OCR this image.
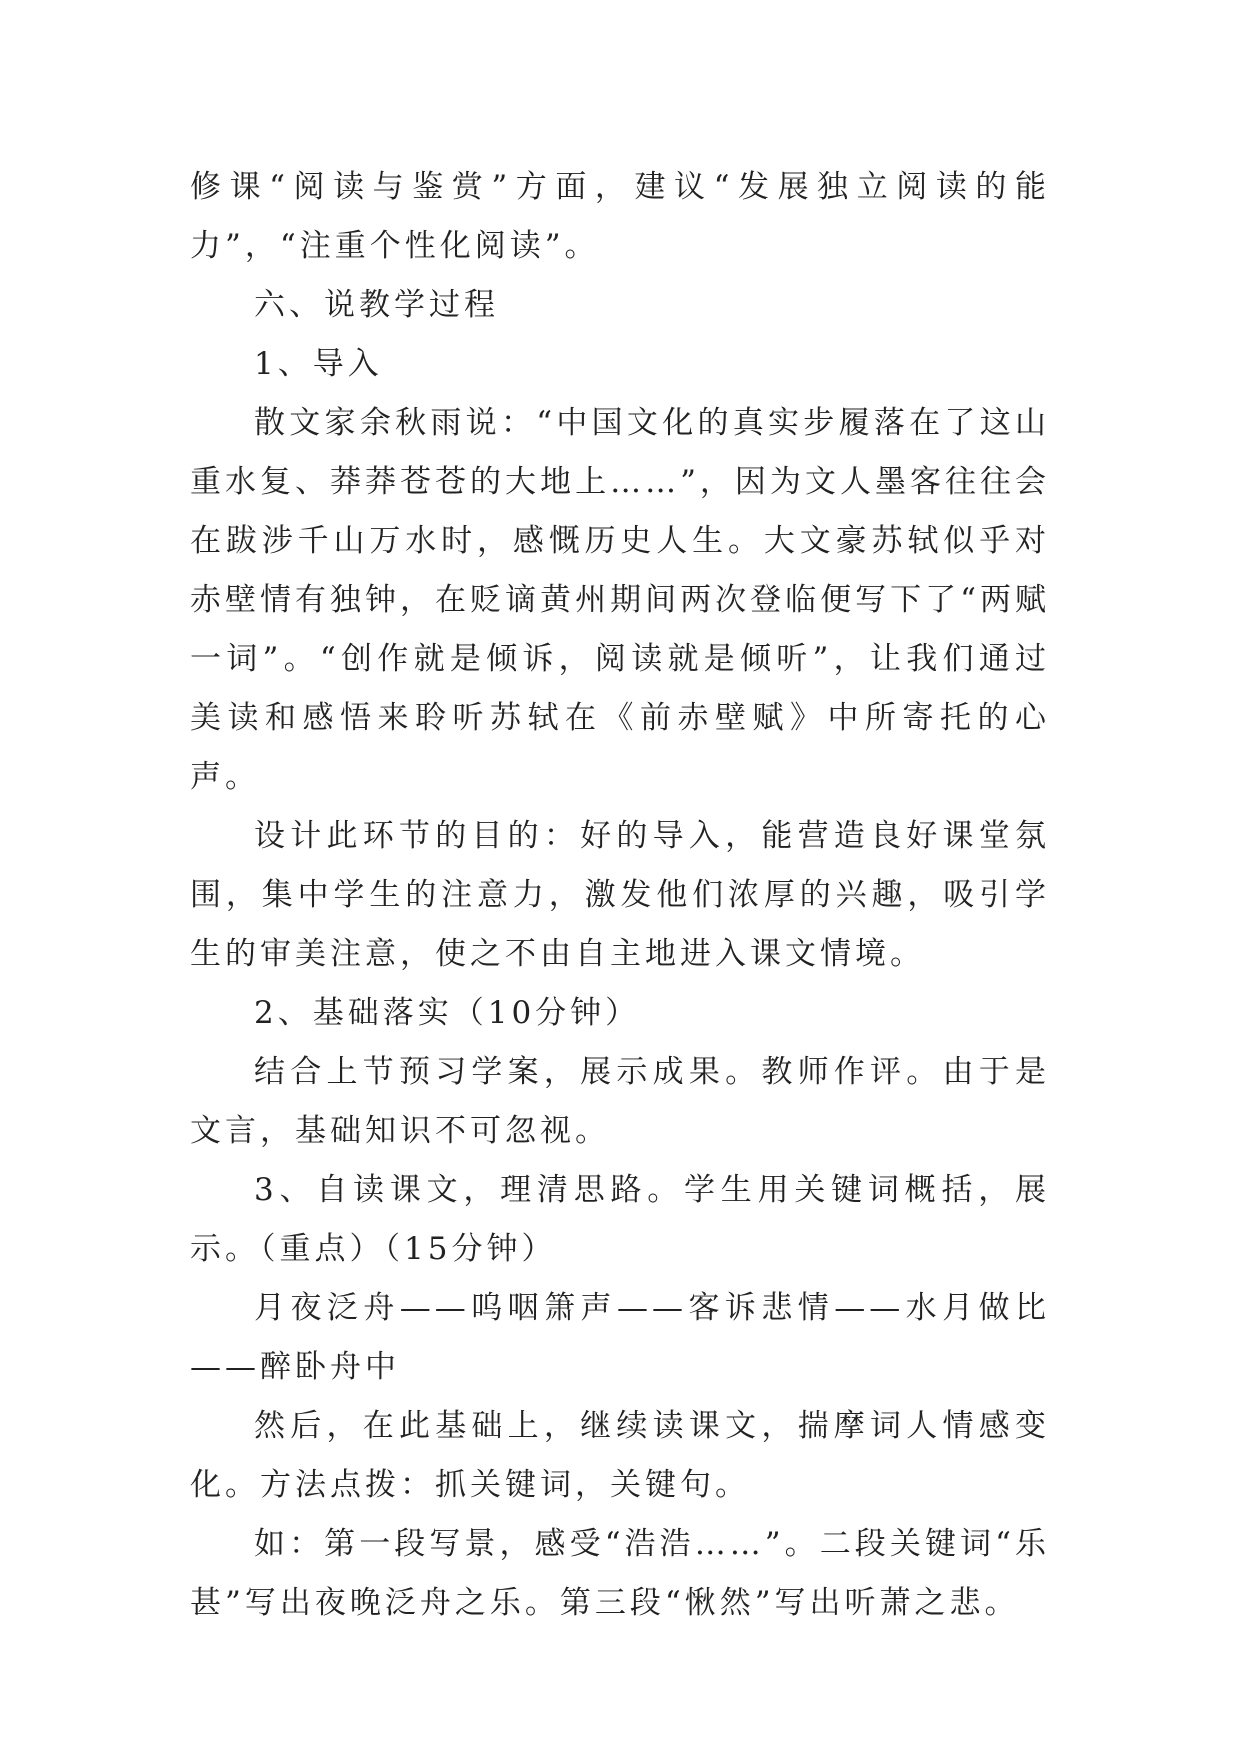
修课“阅读与鉴赏”方面，建议“发展独立阅读的能力”，“注重个性化阅读”。

六、说教学过程

1、导入

散文家余秋雨说：“中国文化的真实步履落在了这山重水复、莽莽苍苍的大地上……”，因为文人墨客往往会在跋涉千山万水时，感慨历史人生。大文豪苏轼似乎对赤壁情有独钟，在贬谪黄州期间两次登临便写下了“两赋一词”。“创作就是倾诉，阅读就是倾听”，让我们通过美读和感悟来聆听苏轼在《前赤壁赋》中所寄托的心声。

设计此环节的目的：好的导入，能营造良好课堂氛围，集中学生的注意力，激发他们浓厚的兴趣，吸引学生的审美注意，使之不由自主地进入课文情境。

2、基础落实（10分钟）

结合上节预习学案，展示成果。教师作评。由于是文言，基础知识不可忽视。

3、自读课文，理清思路。学生用关键词概括，展示。（重点）（15分钟）

月夜泛舟——呜咽箫声——客诉悲情——水月做比——醉卧舟中

然后，在此基础上，继续读课文，揣摩词人情感变化。方法点拨：抓关键词，关键句。

如：第一段写景，感受“浩浩……”。二段关键词“乐甚”写出夜晚泛舟之乐。第三段“愀然”写出听萧之悲。
